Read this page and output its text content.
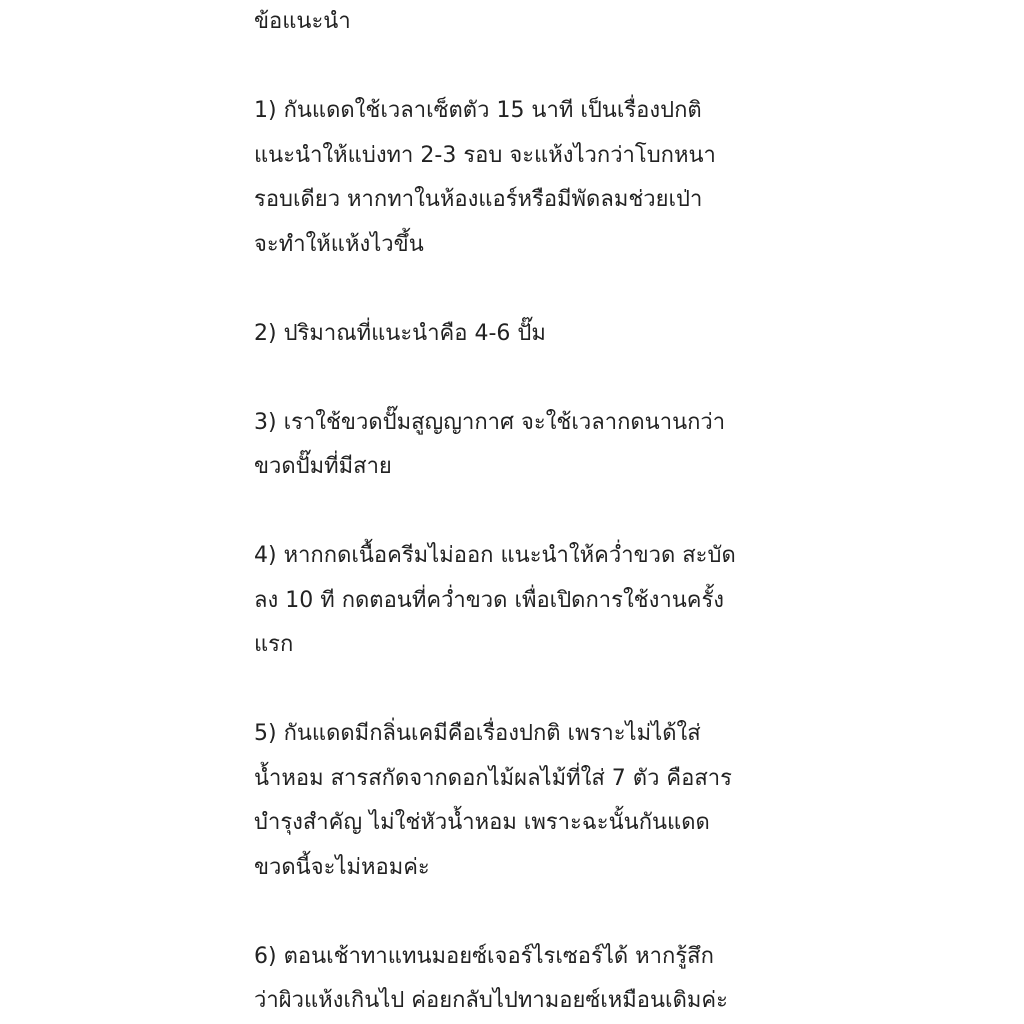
ข้อแนะนำ
1) กันแดดใช้เวลาเซ็ตตัว 15 นาที เป็นเรื่องปกติ
แนะนำให้แบ่งทา 2-3 รอบ จะแห้งไวกว่าโบกหนา
รอบเดียว หากทาในห้องแอร์หรือมีพัดลมช่วยเป่า
จะทำให้แห้งไวขึ้น
2) ปริมาณที่แนะนำคือ 4-6 ปั๊ม
3) เราใช้ขวดปั๊มสูญญากาศ จะใช้เวลากดนานกว่า
ขวดปั๊มที่มีสาย
4) หากกดเนื้อครีมไม่ออก แนะนำให้คว่ำขวด สะบัด
ลง 10 ที กดตอนที่คว่ำขวด เพื่อเปิดการใช้งานครั้ง
แรก
5) กันแดดมีกลิ่นเคมีคือเรื่องปกติ เพราะไม่ได้ใส่
น้ำหอม สารสกัดจากดอกไม้ผลไม้ที่ใส่ 7 ตัว คือสาร
บำรุงสำคัญ ไม่ใช่หัวน้ำหอม เพราะฉะนั้นกันแดด
ขวดนี้จะไม่หอมค่ะ
6) ตอนเช้าทาแทนมอยซ์เจอร์ไรเซอร์ได้ หากรู้สึก
ว่าผิวแห้งเกินไป ค่อยกลับไปทามอยซ์เหมือนเดิมค่ะ
